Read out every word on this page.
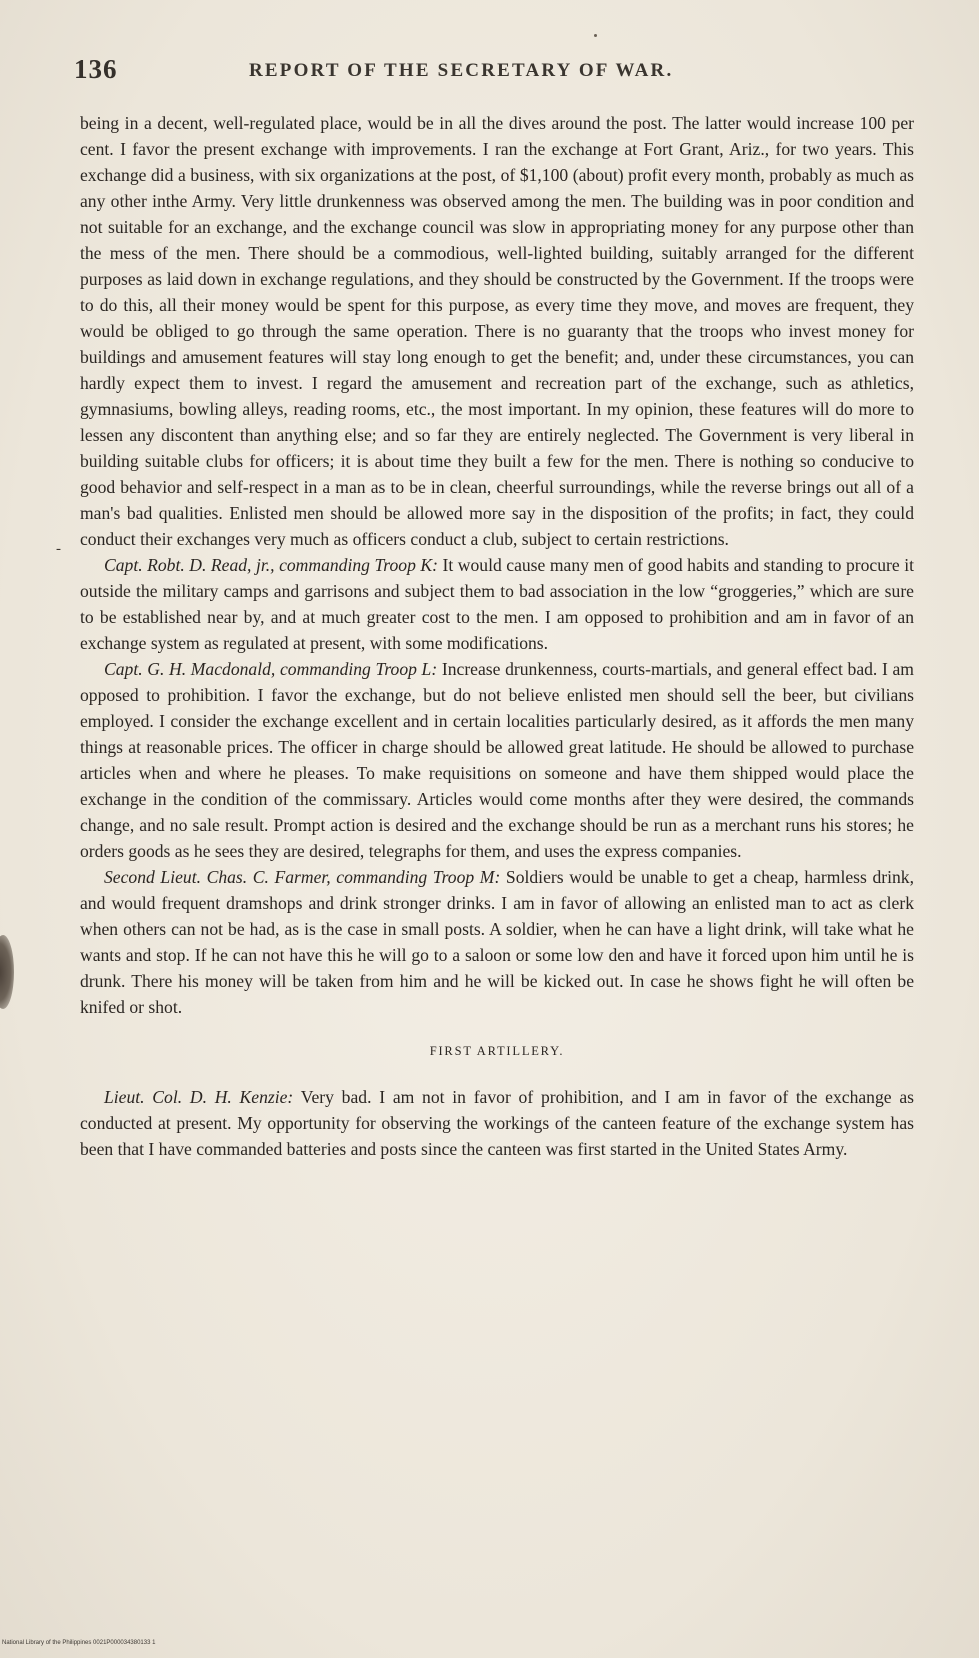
-
136	REPORT OF THE SECRETARY OF WAR.

being in a decent, well-regulated place, would be in all the dives around the post. The latter would increase 100 per cent. I favor the present exchange with improvements. I ran the exchange at Fort Grant, Ariz., for two years. This exchange did a business, with six organizations at the post, of $1,100 (about) profit every month, probably as much as any other inthe Army. Very little drunkenness was observed among the men. The building was in poor condition and not suitable for an exchange, and the exchange council was slow in appropriating money for any purpose other than the mess of the men. There should be a commodious, well-lighted building, suitably arranged for the different purposes as laid down in exchange regulations, and they should be constructed by the Government. If the troops were to do this, all their money would be spent for this purpose, as every time they move, and moves are frequent, they would be obliged to go through the same operation. There is no guaranty that the troops who invest money for buildings and amusement features will stay long enough to get the benefit; and, under these circumstances, you can hardly expect them to invest. I regard the amusement and recreation part of the exchange, such as athletics, gymnasiums, bowling alleys, reading rooms, etc., the most important. In my opinion, these features will do more to lessen any discontent than anything else; and so far they are entirely neglected. The Government is very liberal in building suitable clubs for officers; it is about time they built a few for the men. There is nothing so conducive to good behavior and self-respect in a man as to be in clean, cheerful surroundings, while the reverse brings out all of a man's bad qualities. Enlisted men should be allowed more say in the disposition of the profits; in fact, they could conduct their exchanges very much as officers conduct a club, subject to certain restrictions.

Capt. Robt. D. Read, jr., commanding Troop K: It would cause many men of good habits and standing to procure it outside the military camps and garrisons and subject them to bad association in the low “groggeries,” which are sure to be established near by, and at much greater cost to the men. I am opposed to prohibition and am in favor of an exchange system as regulated at present, with some modifications.

Capt. G. H. Macdonald, commanding Troop L: Increase drunkenness, courts-martials, and general effect bad. I am opposed to prohibition. I favor the exchange, but do not believe enlisted men should sell the beer, but civilians employed. I consider the exchange excellent and in certain localities particularly desired, as it affords the men many things at reasonable prices. The officer in charge should be allowed great latitude. He should be allowed to purchase articles when and where he pleases. To make requisitions on someone and have them shipped would place the exchange in the condition of the commissary. Articles would come months after they were desired, the commands change, and no sale result. Prompt action is desired and the exchange should be run as a merchant runs his stores; he orders goods as he sees they are desired, telegraphs for them, and uses the express companies.

Second Lieut. Chas. C. Farmer, commanding Troop M: Soldiers would be unable to get a cheap, harmless drink, and would frequent dramshops and drink stronger drinks. I am in favor of allowing an enlisted man to act as clerk when others can not be had, as is the case in small posts. A soldier, when he can have a light drink, will take what he wants and stop. If he can not have this he will go to a saloon or some low den and have it forced upon him until he is drunk. There his money will be taken from him and he will be kicked out. In case he shows fight he will often be knifed or shot.

FIRST ARTILLERY.

Lieut. Col. D. H. Kenzie: Very bad. I am not in favor of prohibition, and I am in favor of the exchange as conducted at present. My opportunity for observing the workings of the canteen feature of the exchange system has been that I have commanded batteries and posts since the canteen was first started in the United States Army.

National Library of the Philippines 0021P000034380133 1
